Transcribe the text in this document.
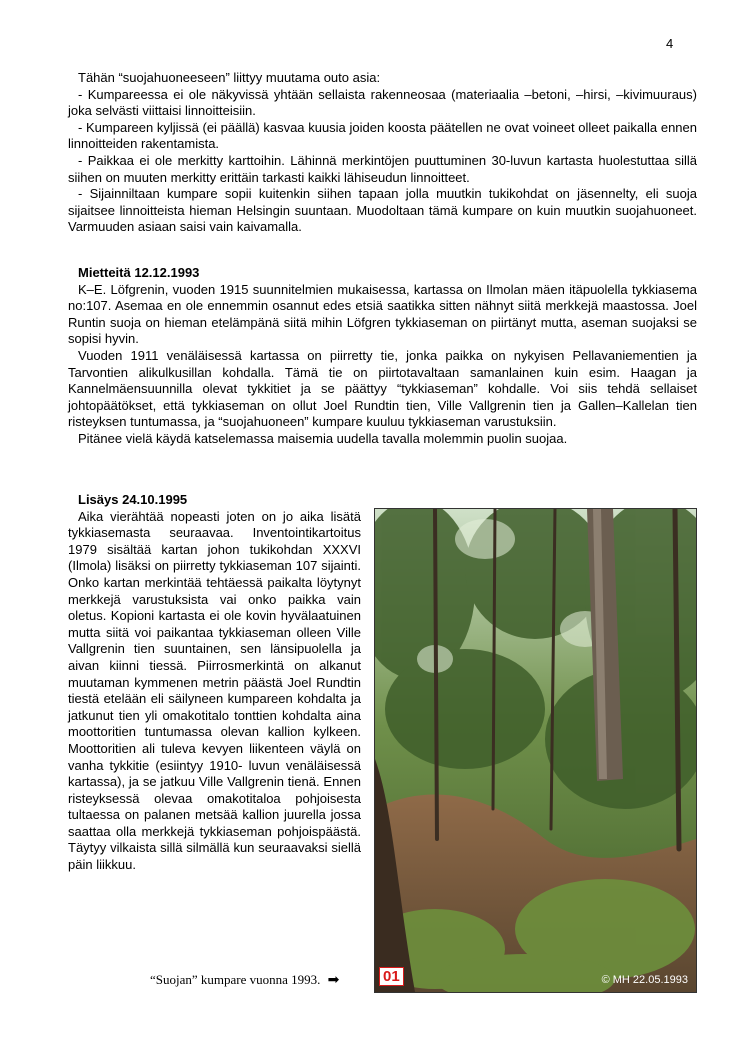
4

Tähän “suojahuoneeseen” liittyy muutama outo asia:

- Kumpareessa ei ole näkyvissä yhtään sellaista rakenneosaa (materiaalia –betoni, –hirsi, –kivimuuraus) joka selvästi viittaisi linnoitteisiin.

- Kumpareen kyljissä (ei päällä) kasvaa kuusia joiden koosta päätellen ne ovat voineet olleet paikalla ennen linnoitteiden rakentamista.

- Paikkaa ei ole merkitty karttoihin. Lähinnä merkintöjen puuttuminen 30-luvun kartasta huolestuttaa sillä siihen on muuten merkitty erittäin tarkasti kaikki lähiseudun linnoitteet.

- Sijainniltaan kumpare sopii kuitenkin siihen tapaan jolla muutkin tukikohdat on jäsennelty, eli suoja sijaitsee linnoitteista hieman Helsingin suuntaan. Muodoltaan tämä kumpare on kuin muutkin suojahuoneet. Varmuuden asiaan saisi vain kaivamalla.

Mietteitä 12.12.1993

K–E. Löfgrenin, vuoden 1915 suunnitelmien mukaisessa, kartassa on Ilmolan mäen itäpuolella tykkiasema no:107. Asemaa en ole ennemmin osannut edes etsiä saatikka sitten nähnyt siitä merkkejä maastossa. Joel Runtin suoja on hieman etelämpänä siitä mihin Löfgren tykkiaseman on piirtänyt mutta, aseman suojaksi se sopisi hyvin.

Vuoden 1911 venäläisessä kartassa on piirretty tie, jonka paikka on nykyisen Pellavaniementien ja Tarvontien alikulkusillan kohdalla. Tämä tie on piirtotavaltaan samanlainen kuin esim. Haagan ja Kannelmäensuunnilla olevat tykkitiet ja se päättyy “tykkiaseman” kohdalle. Voi siis tehdä sellaiset johtopäätökset, että tykkiaseman on ollut Joel Rundtin tien, Ville Vallgrenin tien ja Gallen–Kallelan tien risteyksen tuntumassa, ja “suojahuoneen” kumpare kuuluu tykkiaseman varustuksiin.

Pitänee vielä käydä katselemassa maisemia uudella tavalla molemmin puolin suojaa.

Lisäys 24.10.1995

Aika vierähtää nopeasti joten on jo aika lisätä tykkiasemasta seuraavaa. Inventointikartoitus 1979 sisältää kartan johon tukikohdan XXXVI (Ilmola) lisäksi on piirretty tykkiaseman 107 sijainti. Onko kartan merkintää tehtäessä paikalta löytynyt merkkejä varustuksista vai onko paikka vain oletus. Kopioni kartasta ei ole kovin hyvälaatuinen mutta siitä voi paikantaa tykkiaseman olleen Ville Vallgrenin tien suuntainen, sen länsipuolella ja aivan kiinni tiessä. Piirrosmerkintä on alkanut muutaman kymmenen metrin päästä Joel Rundtin tiestä etelään eli säilyneen kumpareen kohdalta ja jatkunut tien yli omakotitalo tonttien kohdalta aina moottoritien tuntumassa olevan kallion kylkeen. Moottoritien ali tuleva kevyen liikenteen väylä on vanha tykkitie (esiintyy 1910- luvun venäläisessä kartassa), ja se jatkuu Ville Vallgrenin tienä. Ennen risteyksessä olevaa omakotitaloa pohjoisesta tultaessa on palanen metsää kallion juurella jossa saattaa olla merkkejä tykkiaseman pohjoispäästä. Täytyy vilkaista sillä silmällä kun seuraavaksi siellä päin liikkuu.

01	© MH 22.05.1993
“Suojan” kumpare vuonna 1993. ➡
